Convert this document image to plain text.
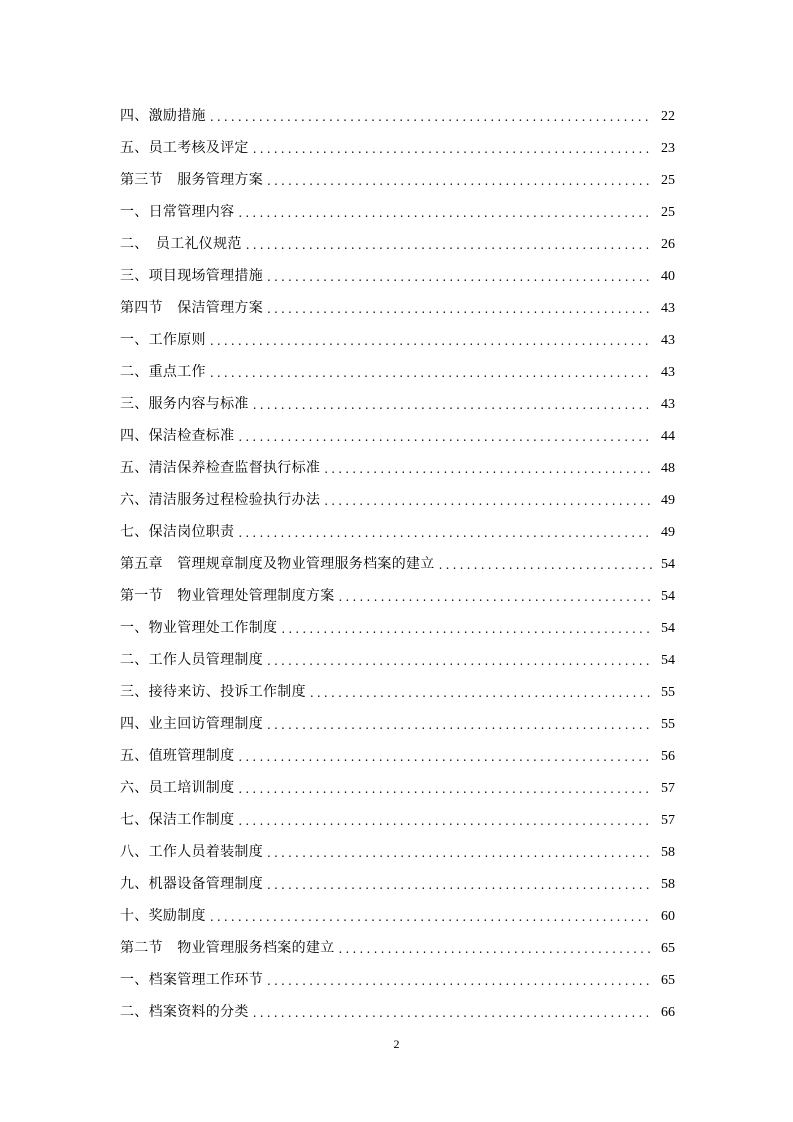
四、激励措施 .....	22
五、员工考核及评定 .....	23
第三节　服务管理方案 .....	25
一、日常管理内容 .....	25
二、　员工礼仪规范 .....	26
三、项目现场管理措施 .....	40
第四节　保洁管理方案 .....	43
一、工作原则 .....	43
二、重点工作 .....	43
三、服务内容与标准 .....	43
四、保洁检查标准 .....	44
五、清洁保养检查监督执行标准 .....	48
六、清洁服务过程检验执行办法 .....	49
七、保洁岗位职责 .....	49
第五章　管理规章制度及物业管理服务档案的建立 .....	54
第一节　物业管理处管理制度方案 .....	54
一、物业管理处工作制度 .....	54
二、工作人员管理制度 .....	54
三、接待来访、投诉工作制度 .....	55
四、业主回访管理制度 .....	55
五、值班管理制度 .....	56
六、员工培训制度 .....	57
七、保洁工作制度 .....	57
八、工作人员着装制度 .....	58
九、机器设备管理制度 .....	58
十、奖励制度 .....	60
第二节　物业管理服务档案的建立 .....	65
一、档案管理工作环节 .....	65
二、档案资料的分类 .....	66
2
